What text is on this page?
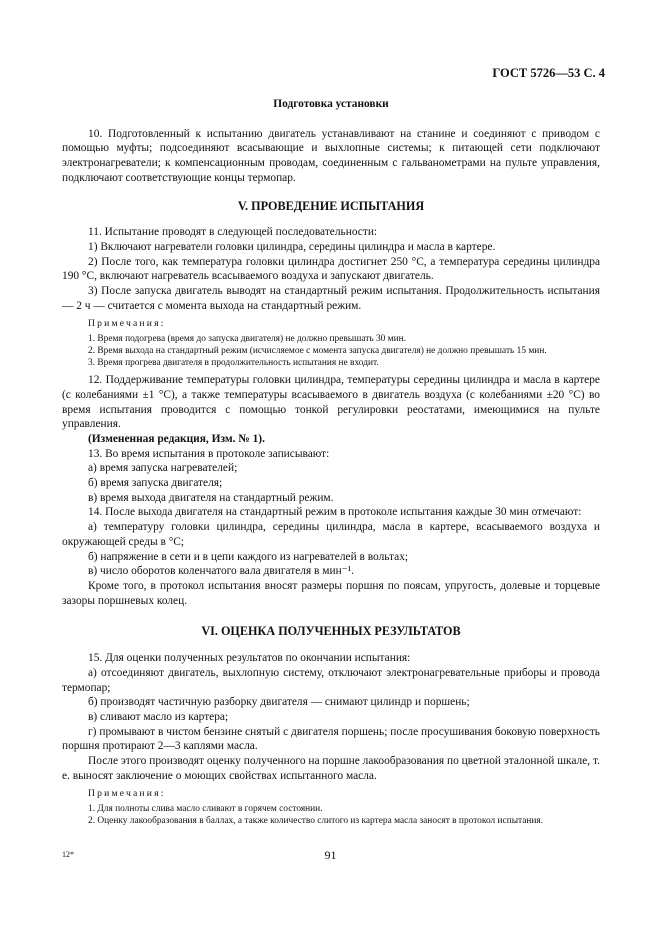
ГОСТ 5726—53 С. 4

Подготовка установки

10. Подготовленный к испытанию двигатель устанавливают на станине и соединяют с приводом с помощью муфты; подсоединяют всасывающие и выхлопные системы; к питающей сети подключают электронагреватели; к компенсационным проводам, соединенным с гальванометрами на пульте управления, подключают соответствующие концы термопар.

V. ПРОВЕДЕНИЕ ИСПЫТАНИЯ

11. Испытание проводят в следующей последовательности:

1) Включают нагреватели головки цилиндра, середины цилиндра и масла в картере.

2) После того, как температура головки цилиндра достигнет 250 °С, а температура середины цилиндра 190 °С, включают нагреватель всасываемого воздуха и запускают двигатель.

3) После запуска двигатель выводят на стандартный режим испытания. Продолжительность испытания — 2 ч — считается с момента выхода на стандартный режим.

Примечания:

1. Время подогрева (время до запуска двигателя) не должно превышать 30 мин.

2. Время выхода на стандартный режим (исчисляемое с момента запуска двигателя) не должно превышать 15 мин.

3. Время прогрева двигателя в продолжительность испытания не входит.

12. Поддерживание температуры головки цилиндра, температуры середины цилиндра и масла в картере (с колебаниями ±1 °С), а также температуры всасываемого в двигатель воздуха (с колебаниями ±20 °С) во время испытания проводится с помощью тонкой регулировки реостатами, имеющимися на пульте управления.

(Измененная редакция, Изм. № 1).

13. Во время испытания в протоколе записывают:

а) время запуска нагревателей;

б) время запуска двигателя;

в) время выхода двигателя на стандартный режим.

14. После выхода двигателя на стандартный режим в протоколе испытания каждые 30 мин отмечают:

а) температуру головки цилиндра, середины цилиндра, масла в картере, всасываемого воздуха и окружающей среды в °С;

б) напряжение в сети и в цепи каждого из нагревателей в вольтах;

в) число оборотов коленчатого вала двигателя в мин⁻¹.

Кроме того, в протокол испытания вносят размеры поршня по поясам, упругость, долевые и торцевые зазоры поршневых колец.

VI. ОЦЕНКА ПОЛУЧЕННЫХ РЕЗУЛЬТАТОВ

15. Для оценки полученных результатов по окончании испытания:

а) отсоединяют двигатель, выхлопную систему, отключают электронагревательные приборы и провода термопар;

б) производят частичную разборку двигателя — снимают цилиндр и поршень;

в) сливают масло из картера;

г) промывают в чистом бензине снятый с двигателя поршень; после просушивания боковую поверхность поршня протирают 2—3 каплями масла.

После этого производят оценку полученного на поршне лакообразования по цветной эталонной шкале, т. е. выносят заключение о моющих свойствах испытанного масла.

Примечания:

1. Для полноты слива масло сливают в горячем состоянии.

2. Оценку лакообразования в баллах, а также количество слитого из картера масла заносят в протокол испытания.

12*	91
